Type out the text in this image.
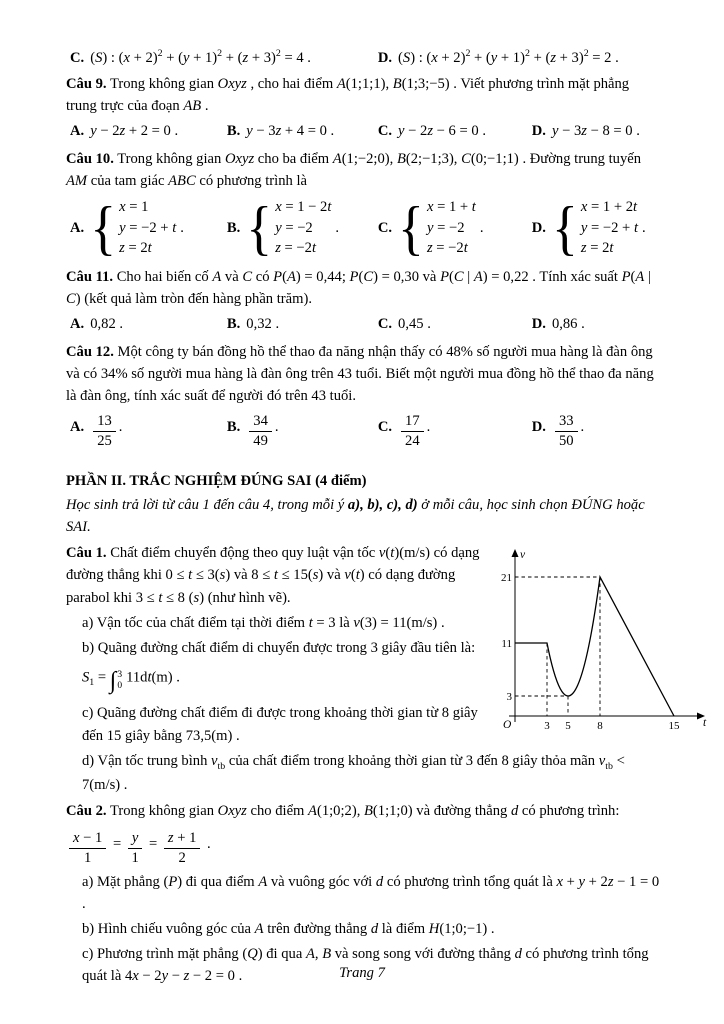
C. (S) : $(x + 2)^2 + (y + 1)^2 + (z + 3)^2 = 4$ .	D. (S) : $(x + 2)^2 + (y + 1)^2 + (z + 3)^2 = 2$ .

Câu 9. Trong không gian Oxyz , cho hai điểm A(1;1;1), B(1;3;−5) . Viết phương trình mặt phẳng trung trực của đoạn AB .

A. y − 2z + 2 = 0 .	B. y − 3z + 4 = 0 .	C. y − 2z − 6 = 0 .	D. y − 3z − 8 = 0 .

Câu 10. Trong không gian Oxyz cho ba điểm A(1;−2;0), B(2;−1;3), C(0;−1;1) . Đường trung tuyến AM của tam giác ABC có phương trình là

A. { x = 1
y = −2 + t
z = 2t
.	B. { x = 1 − 2t
y = −2
z = −2t
.	C. { x = 1 + t
y = −2
z = −2t
.	D. { x = 1 + 2t
y = −2 + t
z = 2t
.

Câu 11. Cho hai biến cố A và C có P(A) = 0,44; P(C) = 0,30 và P(C | A) = 0,22 . Tính xác suất P(A | C) (kết quả làm tròn đến hàng phần trăm).

A. 0,82 .	B. 0,32 .	C. 0,45 .	D. 0,86 .

Câu 12. Một công ty bán đồng hồ thể thao đa năng nhận thấy có 48% số người mua hàng là đàn ông và có 34% số người mua hàng là đàn ông trên 43 tuổi. Biết một người mua đồng hồ thể thao đa năng là đàn ông, tính xác suất để người đó trên 43 tuổi.

A. $\frac{13}{25}$ .	B. $\frac{34}{49}$ .	C. $\frac{17}{24}$ .	D. $\frac{33}{50}$ .

PHẦN II. TRẮC NGHIỆM ĐÚNG SAI (4 điểm)

Học sinh trả lời từ câu 1 đến câu 4, trong mỗi ý a), b), c), d) ở mỗi câu, học sinh chọn ĐÚNG hoặc SAI.

v
t
O
21
11
3
3 5 8	15

Câu 1. Chất điểm chuyển động theo quy luật vận tốc v(t)(m/s) có dạng đường thẳng khi 0 ≤ t ≤ 3(s) và 8 ≤ t ≤ 15(s) và v(t) có dạng đường parabol khi 3 ≤ t ≤ 8 (s) (như hình vẽ).

a) Vận tốc của chất điểm tại thời điểm t = 3 là v(3) = 11(m/s) .

b) Quãng đường chất điểm di chuyển được trong 3 giây đầu tiên là:

$S_1$ = ∫ 3
0
11dt(m) .

c) Quãng đường chất điểm đi được trong khoảng thời gian từ 8 giây đến 15 giây bằng 73,5(m) .

d) Vận tốc trung bình $v_{tb}$ của chất điểm trong khoảng thời gian từ 3 đến 8 giây thỏa mãn $v_{tb} < 7(m/s)$ .

Câu 2. Trong không gian Oxyz cho điểm A(1;0;2), B(1;1;0) và đường thẳng d có phương trình:

$\frac{x - 1}{1} = \frac{y}{1} = \frac{z + 1}{2}$ .

a) Mặt phẳng (P) đi qua điểm A và vuông góc với d có phương trình tổng quát là x + y + 2z − 1 = 0 .

b) Hình chiếu vuông góc của A trên đường thẳng d là điểm H(1;0;−1) .

c) Phương trình mặt phẳng (Q) đi qua A, B và song song với đường thẳng d có phương trình tổng quát là 4x − 2y − z − 2 = 0 .	Trang 7
